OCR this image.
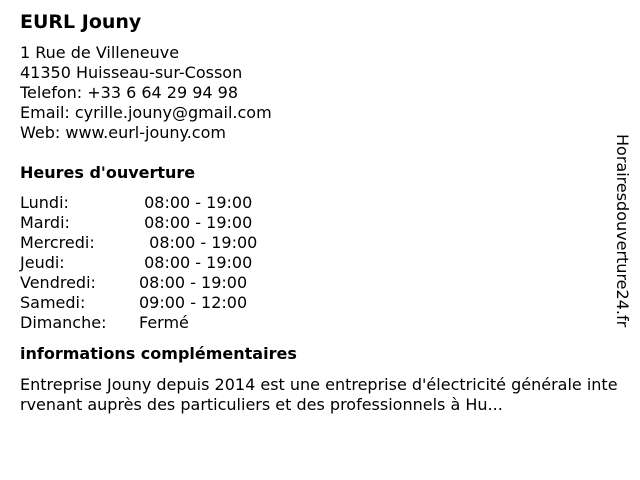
EURL Jouny
1 Rue de Villeneuve
41350 Huisseau-sur-Cosson
Telefon: +33 6 64 29 94 98
Email: cyrille.jouny@gmail.com
Web: www.eurl-jouny.com
Heures d'ouverture
Lundi:	08:00 - 19:00
Mardi:	08:00 - 19:00
Mercredi:	08:00 - 19:00
Jeudi:	08:00 - 19:00
Vendredi:	08:00 - 19:00
Samedi:	09:00 - 12:00
Dimanche:	Fermé
informations complémentaires
Entreprise Jouny depuis 2014 est une entreprise d'électricité générale intervenant auprès des particuliers et des professionnels à Hu...
Horairesdouverture24.fr
